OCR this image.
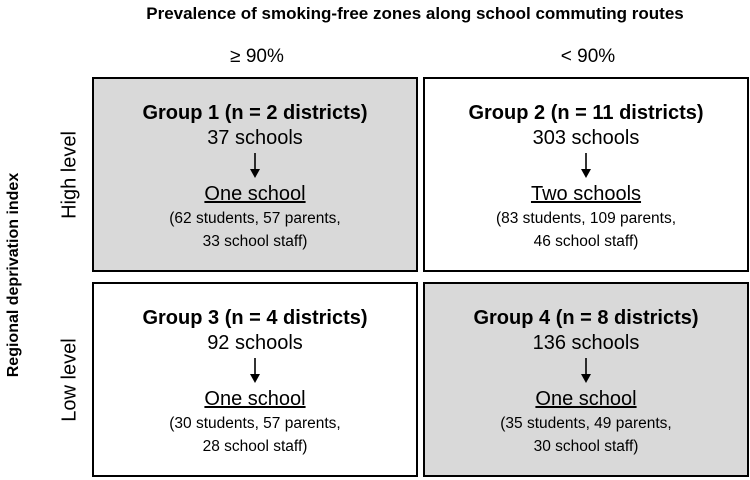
Prevalence of smoking-free zones along school commuting routes
≥ 90%	< 90%
Regional deprivation index High level
Low level
Group 1 (n = 2 districts)
37 schools
One school
(62 students, 57 parents,
33 school staff)
Group 2 (n = 11 districts)
303 schools
Two schools
(83 students, 109 parents,
46 school staff)
Group 3 (n = 4 districts)
92 schools
One school
(30 students, 57 parents,
28 school staff)
Group 4 (n = 8 districts)
136 schools
One school
(35 students, 49 parents,
30 school staff)
